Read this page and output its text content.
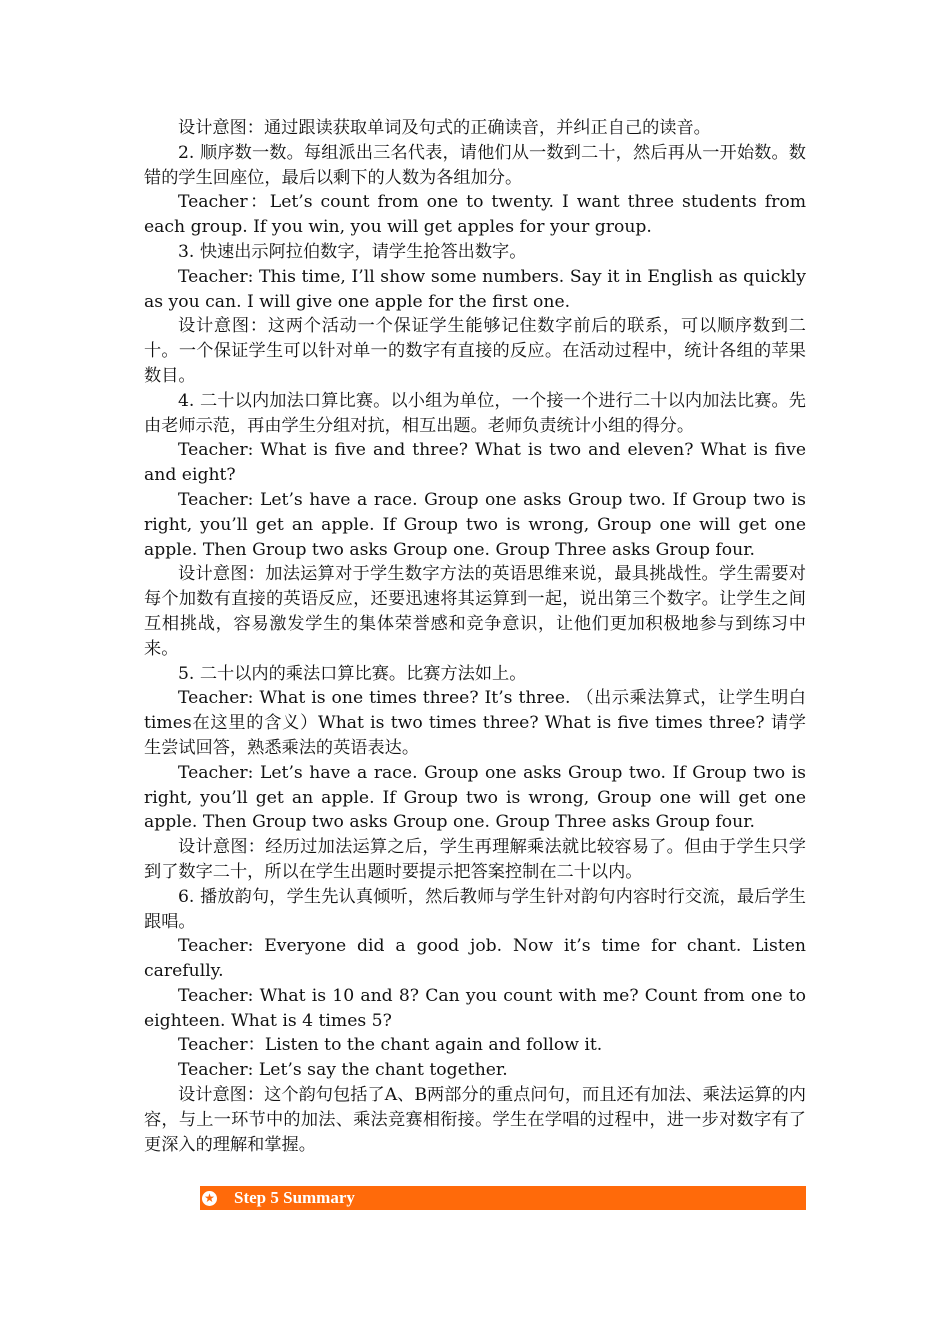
设计意图：通过跟读获取单词及句式的正确读音，并纠正自己的读音。

2. 顺序数一数。每组派出三名代表，请他们从一数到二十，然后再从一开始数。数错的学生回座位，最后以剩下的人数为各组加分。

Teacher：Let’s count from one to twenty. I want three students from each group. If you win, you will get apples for your group.

3. 快速出示阿拉伯数字，请学生抢答出数字。

Teacher: This time, I’ll show some numbers. Say it in English as quickly as you can. I will give one apple for the first one.

设计意图：这两个活动一个保证学生能够记住数字前后的联系，可以顺序数到二十。一个保证学生可以针对单一的数字有直接的反应。在活动过程中，统计各组的苹果数目。

4. 二十以内加法口算比赛。以小组为单位，一个接一个进行二十以内加法比赛。先由老师示范，再由学生分组对抗，相互出题。老师负责统计小组的得分。

Teacher: What is five and three? What is two and eleven? What is five and eight?

Teacher: Let’s have a race. Group one asks Group two. If Group two is right, you’ll get an apple. If Group two is wrong, Group one will get one apple. Then Group two asks Group one. Group Three asks Group four.

设计意图：加法运算对于学生数字方法的英语思维来说，最具挑战性。学生需要对每个加数有直接的英语反应，还要迅速将其运算到一起，说出第三个数字。让学生之间互相挑战，容易激发学生的集体荣誉感和竞争意识，让他们更加积极地参与到练习中来。

5. 二十以内的乘法口算比赛。比赛方法如上。

Teacher: What is one times three? It’s three. （出示乘法算式，让学生明白times在这里的含义）What is two times three? What is five times three? 请学生尝试回答，熟悉乘法的英语表达。

Teacher: Let’s have a race. Group one asks Group two. If Group two is right, you’ll get an apple. If Group two is wrong, Group one will get one apple. Then Group two asks Group one. Group Three asks Group four.

设计意图：经历过加法运算之后，学生再理解乘法就比较容易了。但由于学生只学到了数字二十，所以在学生出题时要提示把答案控制在二十以内。

6. 播放韵句，学生先认真倾听，然后教师与学生针对韵句内容时行交流，最后学生跟唱。

Teacher: Everyone did a good job. Now it’s time for chant. Listen carefully.

Teacher: What is 10 and 8? Can you count with me? Count from one to eighteen. What is 4 times 5?

Teacher：Listen to the chant again and follow it.

Teacher: Let’s say the chant together.

设计意图：这个韵句包括了A、B两部分的重点问句，而且还有加法、乘法运算的内容，与上一环节中的加法、乘法竞赛相衔接。学生在学唱的过程中，进一步对数字有了更深入的理解和掌握。

★ Step 5 Summary
